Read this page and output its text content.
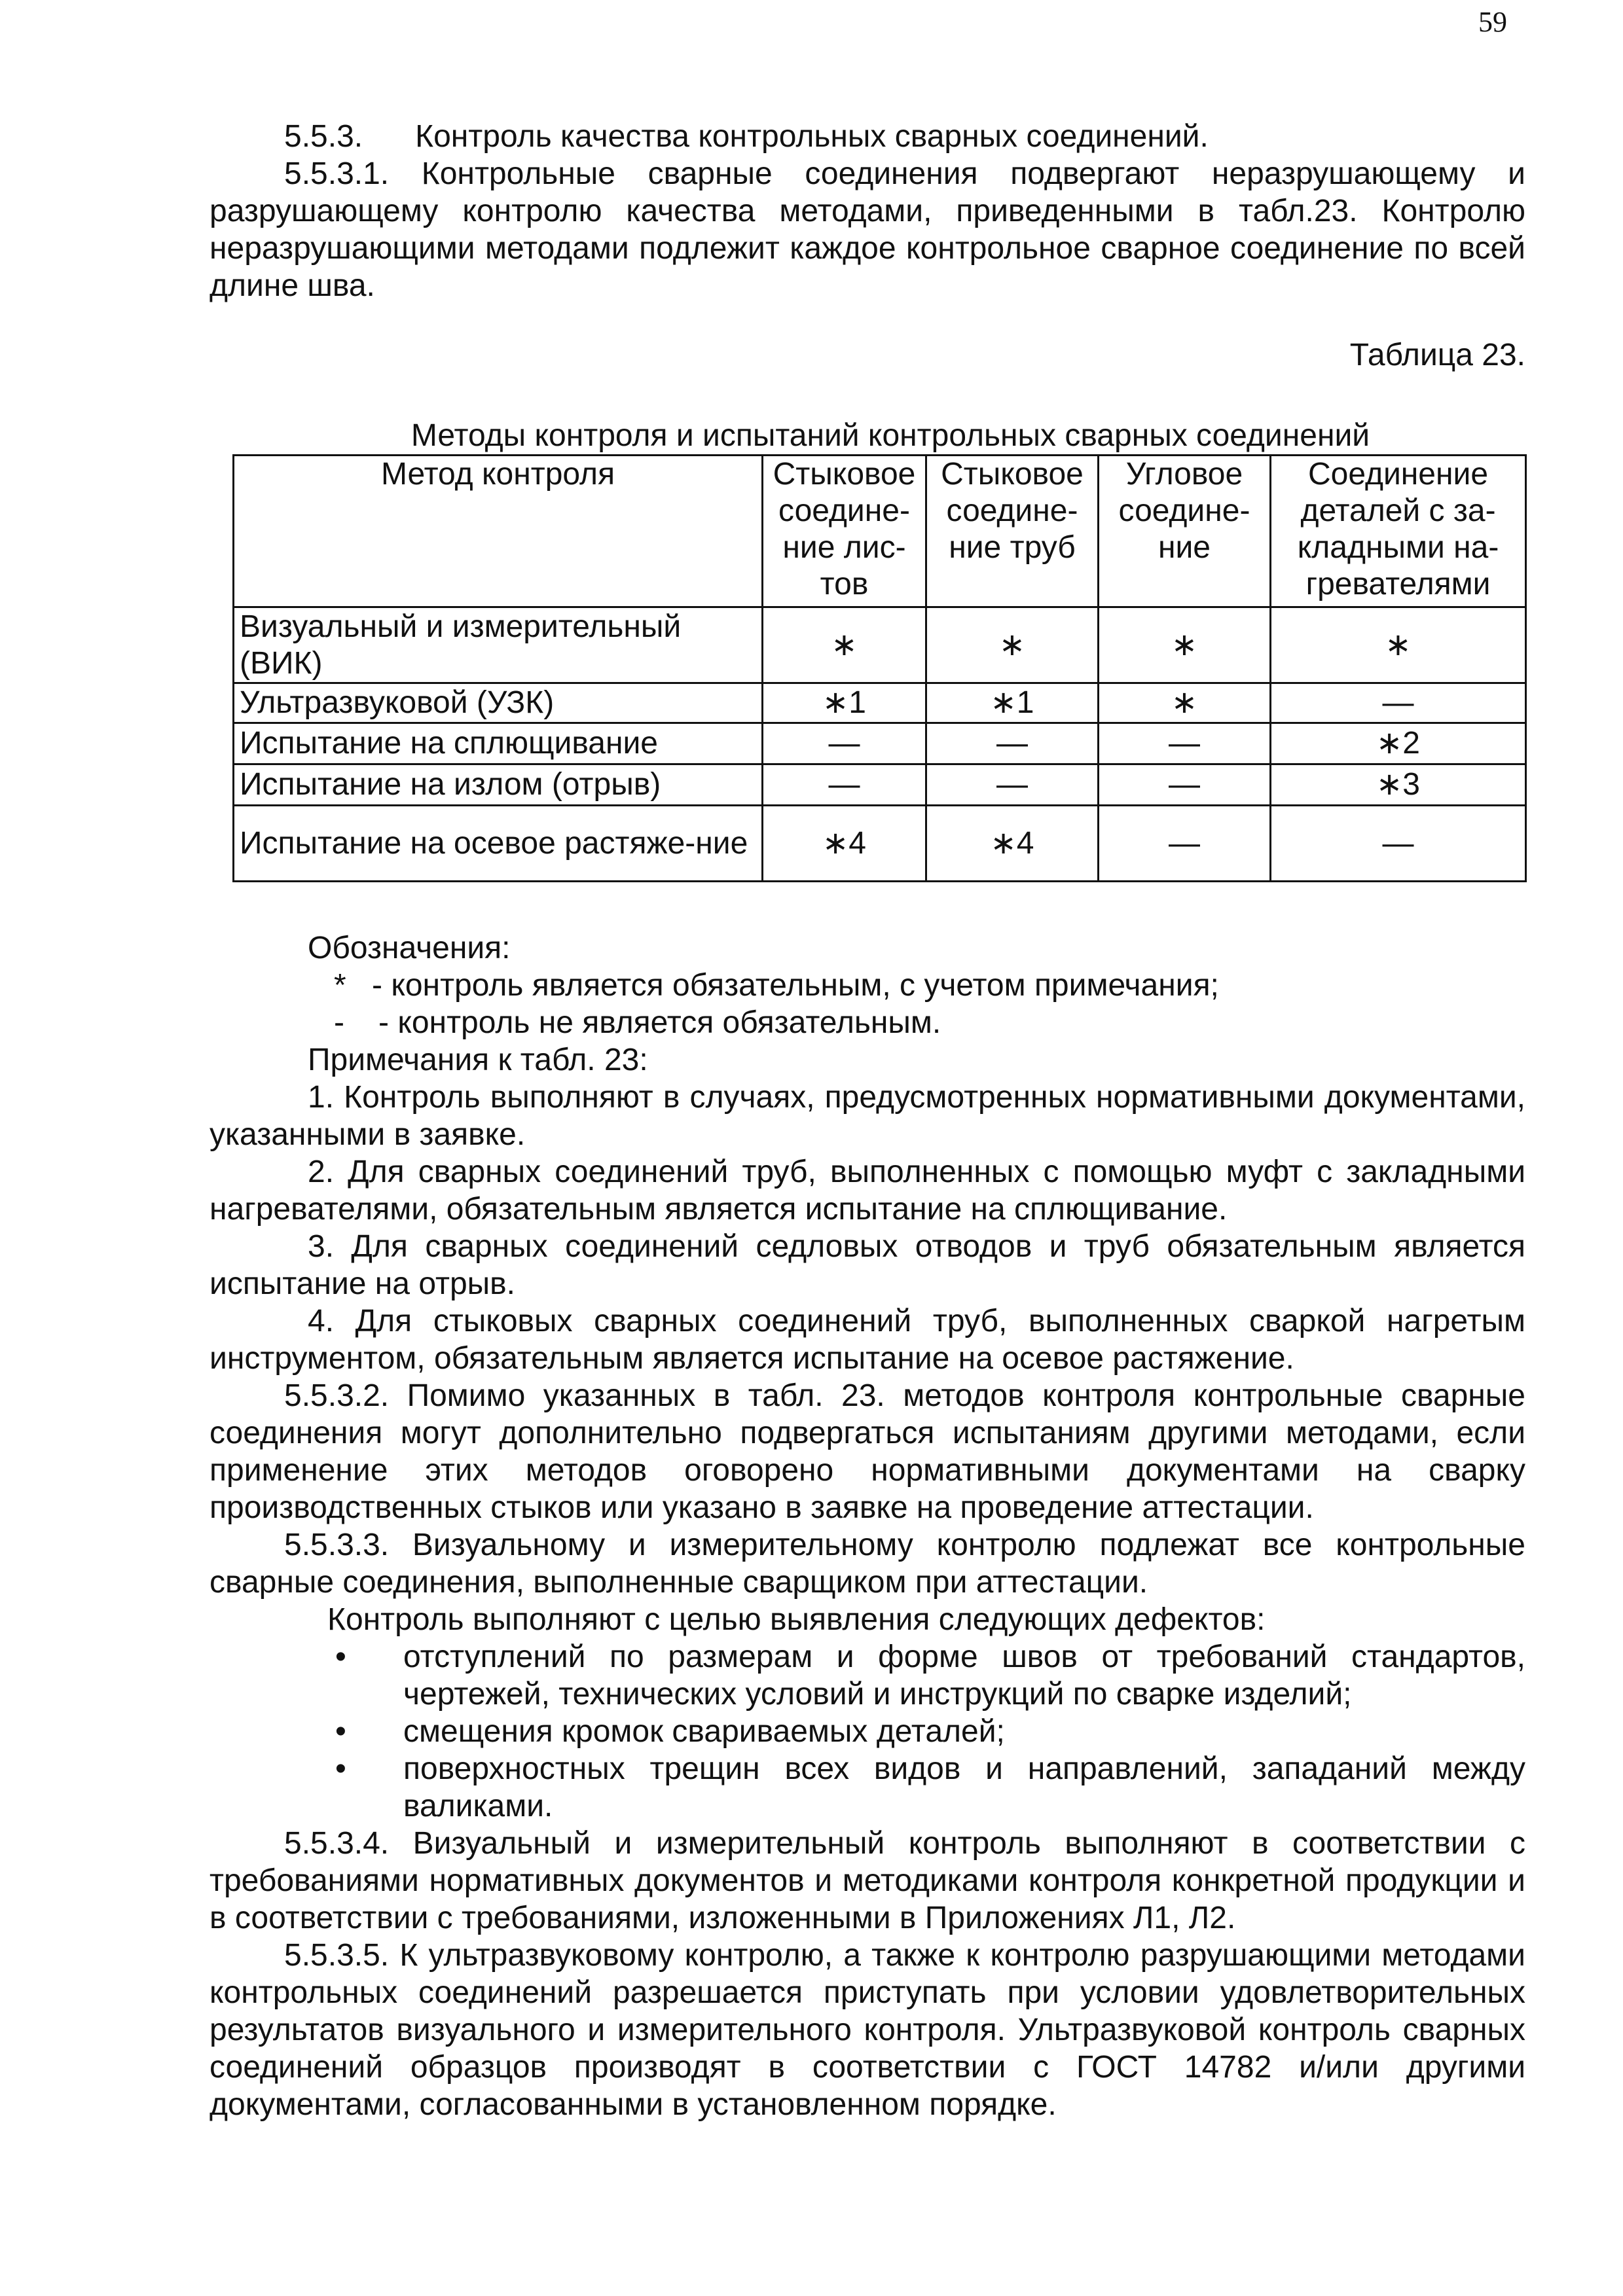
59

5.5.3.      Контроль качества контрольных сварных соединений.

5.5.3.1. Контрольные сварные соединения подвергают неразрушающему и разрушающему контролю качества методами, приведенными в табл.23. Контролю неразрушающими методами подлежит каждое контрольное сварное соединение по всей длине шва.

Таблица 23.
Методы контроля и испытаний контрольных сварных соединений
Метод контроля	Стыковое соедине-ние лис-тов	Стыковое соедине-ние труб	Угловое соедине-ние	Соединение деталей с за-кладными на-гревателями
Визуальный и измерительный (ВИК)	∗	∗	∗	∗
Ультразвуковой (УЗК)	∗1	∗1	∗	—
Испытание на сплющивание	—	—	—	∗2
Испытание на излом (отрыв)	—	—	—	∗3
Испытание на осевое растяже-ние	∗4	∗4	—	—

Обозначения:

* - контроль является обязательным, с учетом примечания;

- - контроль не является обязательным.

Примечания к табл. 23:

1. Контроль выполняют в случаях, предусмотренных нормативными документами, указанными в заявке.

2. Для сварных соединений труб, выполненных с помощью муфт с закладными нагревателями, обязательным является испытание на сплющивание.

3. Для сварных соединений седловых отводов и труб обязательным является испытание на отрыв.

4. Для стыковых сварных соединений труб, выполненных сваркой нагретым инструментом, обязательным является испытание на осевое растяжение.

5.5.3.2. Помимо указанных в табл. 23. методов контроля контрольные сварные соединения могут дополнительно подвергаться испытаниям другими методами, если применение этих методов оговорено нормативными документами на сварку производственных стыков или указано в заявке на проведение аттестации.

5.5.3.3. Визуальному и измерительному контролю подлежат все контрольные сварные соединения, выполненные сварщиком при аттестации.

Контроль выполняют с целью выявления следующих дефектов:

• отступлений по размерам и форме швов от требований стандартов, чертежей, технических условий и инструкций по сварке изделий;
• смещения кромок свариваемых деталей;
• поверхностных трещин всех видов и направлений, западаний между валиками.

5.5.3.4. Визуальный и измерительный контроль выполняют в соответствии с требованиями нормативных документов и методиками контроля конкретной продукции и в соответствии с требованиями, изложенными в Приложениях Л1, Л2.

5.5.3.5. К ультразвуковому контролю, а также к контролю разрушающими методами контрольных соединений разрешается приступать при условии удовлетворительных результатов визуального и измерительного контроля. Ультразвуковой контроль сварных соединений образцов производят в соответствии с ГОСТ 14782 и/или другими документами, согласованными в установленном порядке.
